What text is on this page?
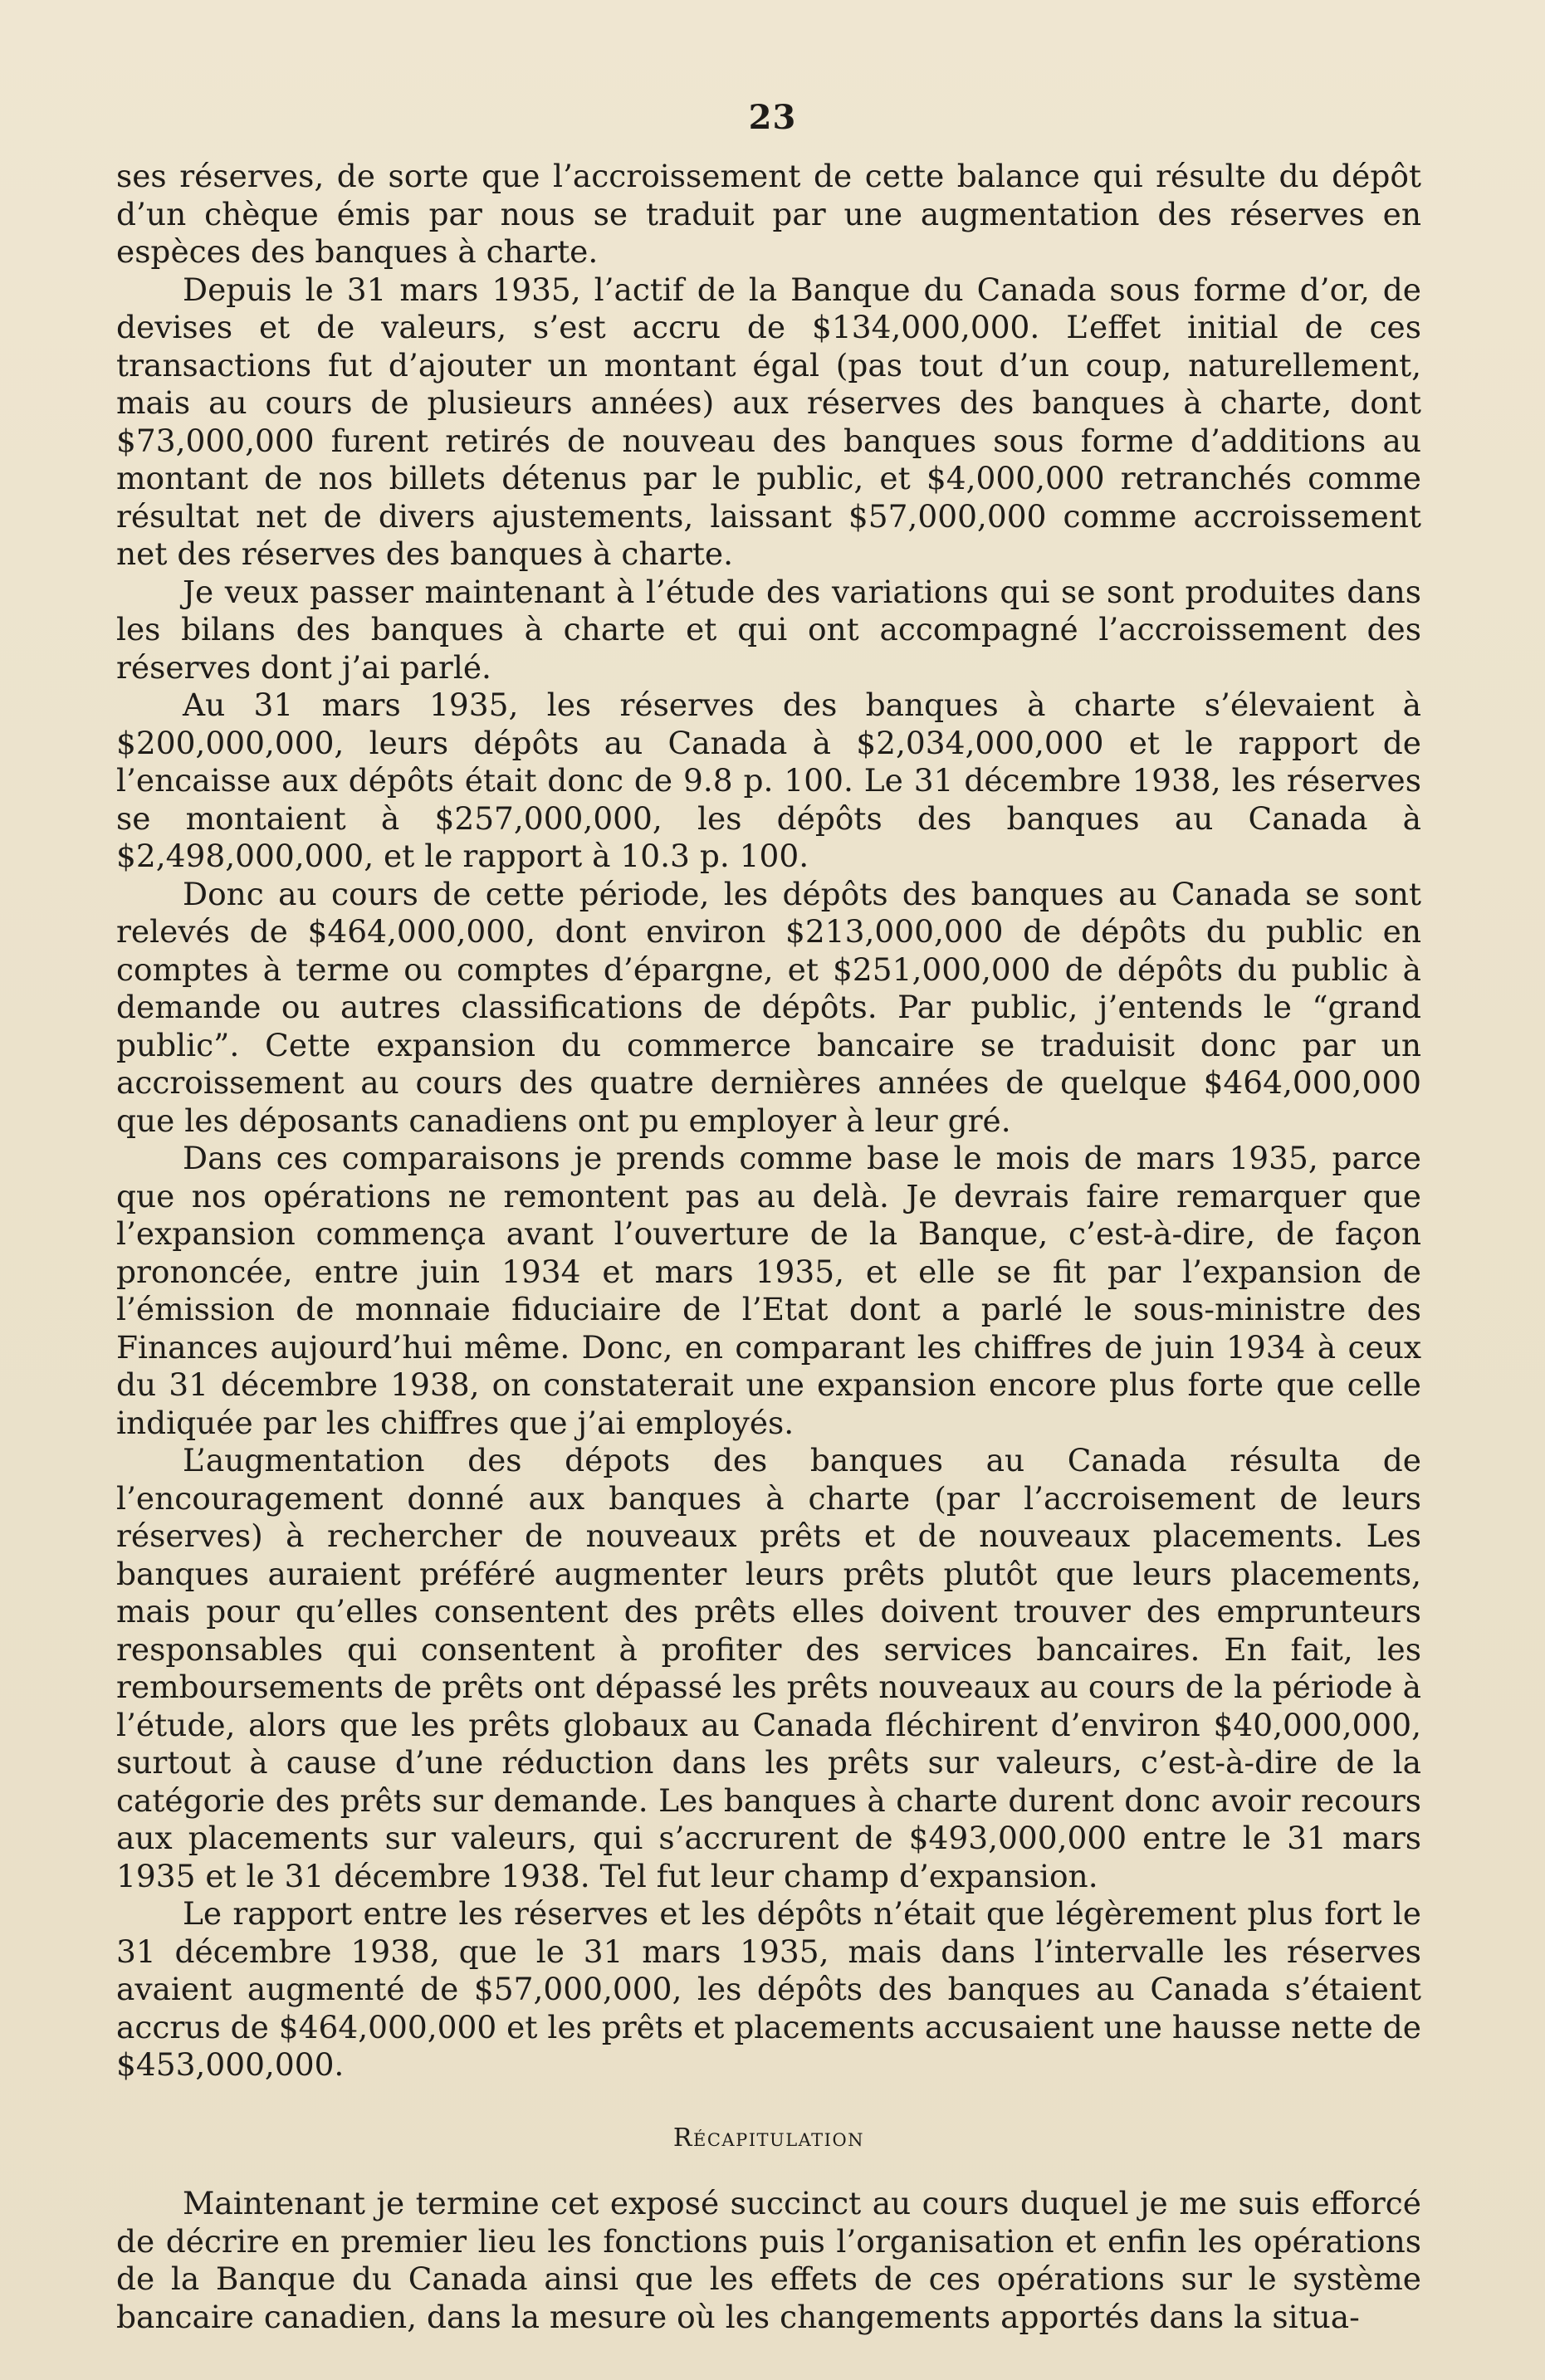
23

ses réserves, de sorte que l’accroissement de cette balance qui résulte du dépôt d’un chèque émis par nous se traduit par une augmentation des réserves en espèces des banques à charte.

Depuis le 31 mars 1935, l’actif de la Banque du Canada sous forme d’or, de devises et de valeurs, s’est accru de $134,000,000. L’effet initial de ces transactions fut d’ajouter un montant égal (pas tout d’un coup, naturellement, mais au cours de plusieurs années) aux réserves des banques à charte, dont $73,000,000 furent retirés de nouveau des banques sous forme d’additions au montant de nos billets détenus par le public, et $4,000,000 retranchés comme résultat net de divers ajustements, laissant $57,000,000 comme accroissement net des réserves des banques à charte.

Je veux passer maintenant à l’étude des variations qui se sont produites dans les bilans des banques à charte et qui ont accompagné l’accroissement des réserves dont j’ai parlé.

Au 31 mars 1935, les réserves des banques à charte s’élevaient à $200,000,000, leurs dépôts au Canada à $2,034,000,000 et le rapport de l’encaisse aux dépôts était donc de 9.8 p. 100. Le 31 décembre 1938, les réserves se montaient à $257,000,000, les dépôts des banques au Canada à $2,498,000,000, et le rapport à 10.3 p. 100.

Donc au cours de cette période, les dépôts des banques au Canada se sont relevés de $464,000,000, dont environ $213,000,000 de dépôts du public en comptes à terme ou comptes d’épargne, et $251,000,000 de dépôts du public à demande ou autres classifications de dépôts. Par public, j’entends le “grand public”. Cette expansion du commerce bancaire se traduisit donc par un accroissement au cours des quatre dernières années de quelque $464,000,000 que les déposants canadiens ont pu employer à leur gré.

Dans ces comparaisons je prends comme base le mois de mars 1935, parce que nos opérations ne remontent pas au delà. Je devrais faire remarquer que l’expansion commença avant l’ouverture de la Banque, c’est-à-dire, de façon prononcée, entre juin 1934 et mars 1935, et elle se fit par l’expansion de l’émission de monnaie fiduciaire de l’Etat dont a parlé le sous-ministre des Finances aujourd’hui même. Donc, en comparant les chiffres de juin 1934 à ceux du 31 décembre 1938, on constaterait une expansion encore plus forte que celle indiquée par les chiffres que j’ai employés.

L’augmentation des dépots des banques au Canada résulta de l’encouragement donné aux banques à charte (par l’accroisement de leurs réserves) à rechercher de nouveaux prêts et de nouveaux placements. Les banques auraient préféré augmenter leurs prêts plutôt que leurs placements, mais pour qu’elles consentent des prêts elles doivent trouver des emprunteurs responsables qui consentent à profiter des services bancaires. En fait, les remboursements de prêts ont dépassé les prêts nouveaux au cours de la période à l’étude, alors que les prêts globaux au Canada fléchirent d’environ $40,000,000, surtout à cause d’une réduction dans les prêts sur valeurs, c’est-à-dire de la catégorie des prêts sur demande. Les banques à charte durent donc avoir recours aux placements sur valeurs, qui s’accrurent de $493,000,000 entre le 31 mars 1935 et le 31 décembre 1938. Tel fut leur champ d’expansion.

Le rapport entre les réserves et les dépôts n’était que légèrement plus fort le 31 décembre 1938, que le 31 mars 1935, mais dans l’intervalle les réserves avaient augmenté de $57,000,000, les dépôts des banques au Canada s’étaient accrus de $464,000,000 et les prêts et placements accusaient une hausse nette de $453,000,000.

Récapitulation

Maintenant je termine cet exposé succinct au cours duquel je me suis efforcé de décrire en premier lieu les fonctions puis l’organisation et enfin les opérations de la Banque du Canada ainsi que les effets de ces opérations sur le système bancaire canadien, dans la mesure où les changements apportés dans la situa-
